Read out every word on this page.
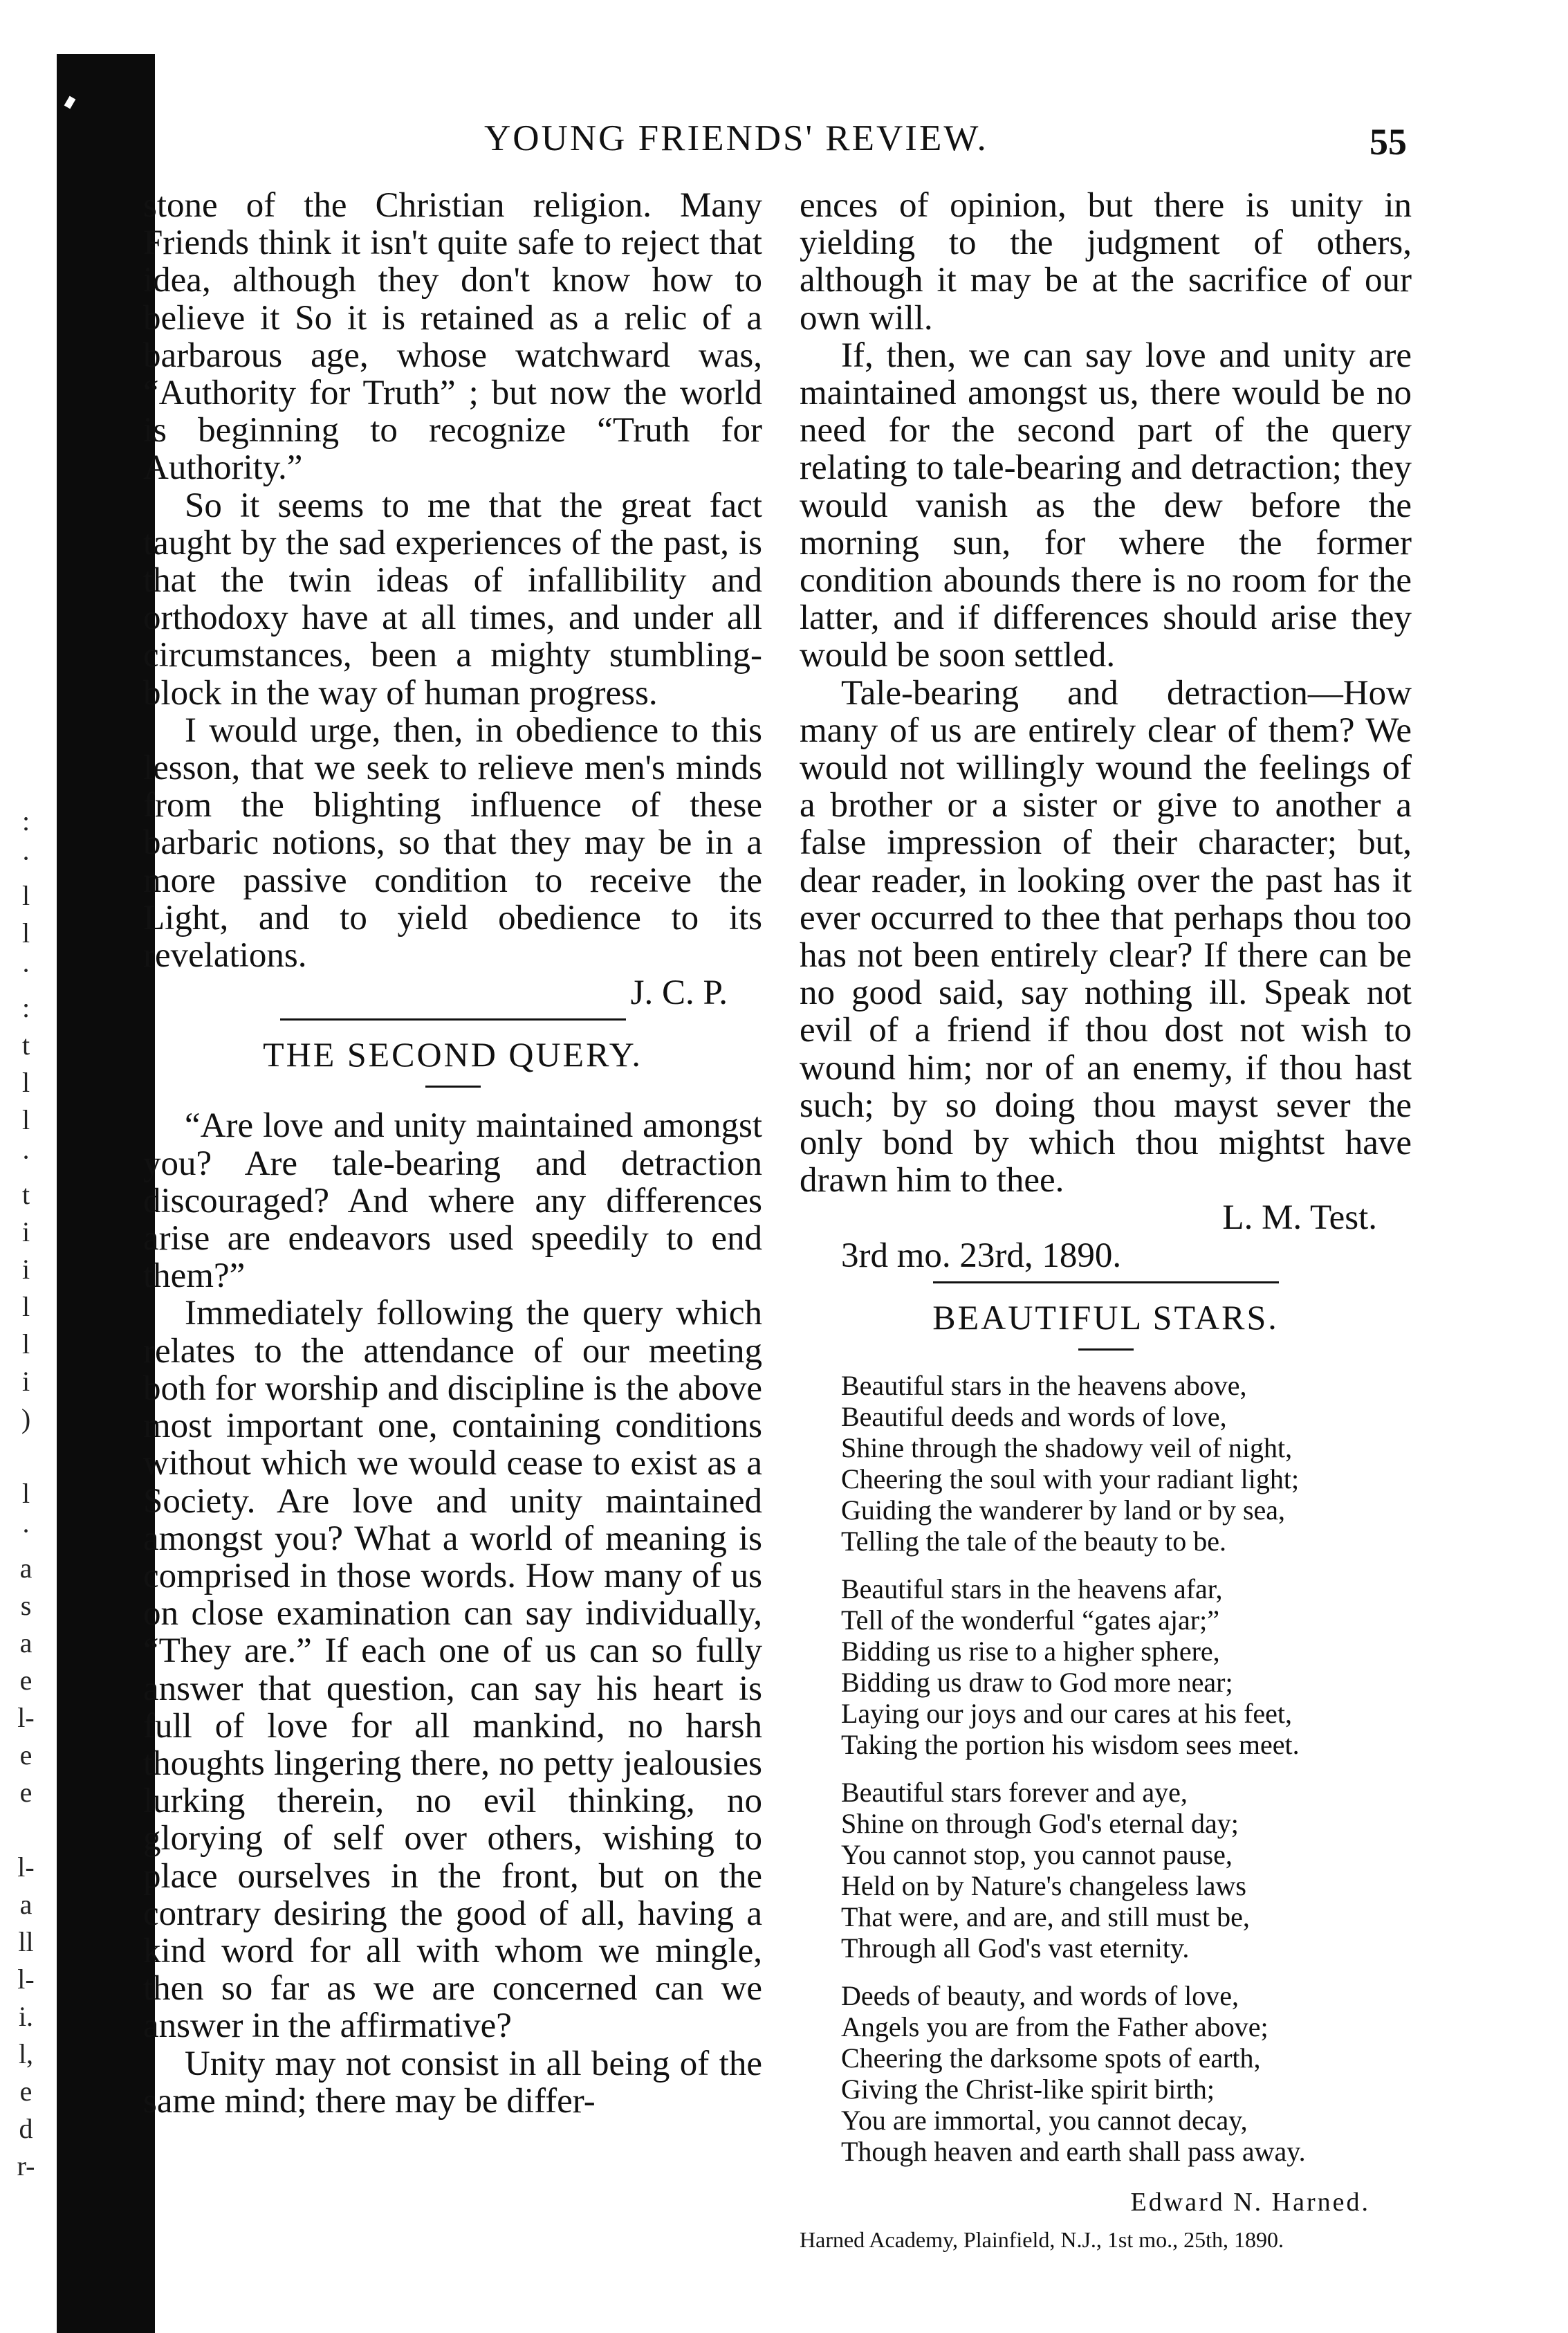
:
·
l
l
·
:
t
l
l
·
t
i
i
l
l
i
)
l
·
a
s
a
e
l-
e
e
l-
a
ll
l-
i.
l,
e
d
r-
YOUNG FRIENDS' REVIEW.	55

stone of the Christian religion. Many Friends think it isn't quite safe to reject that idea, although they don't know how to believe it So it is retained as a relic of a barbarous age, whose watchward was, “Authority for Truth” ; but now the world is beginning to recognize “Truth for Authority.”

So it seems to me that the great fact taught by the sad experiences of the past, is that the twin ideas of infallibility and orthodoxy have at all times, and under all circumstances, been a mighty stumbling-block in the way of human progress.

I would urge, then, in obedience to this lesson, that we seek to relieve men's minds from the blighting influence of these barbaric notions, so that they may be in a more passive condition to receive the Light, and to yield obedience to its revelations.

J. C. P.

THE SECOND QUERY.

“Are love and unity maintained amongst you? Are tale-bearing and detraction discouraged? And where any differences arise are endeavors used speedily to end them?”

Immediately following the query which relates to the attendance of our meeting both for worship and discipline is the above most important one, containing conditions without which we would cease to exist as a Society. Are love and unity maintained amongst you? What a world of meaning is comprised in those words. How many of us on close examination can say individually, “They are.” If each one of us can so fully answer that question, can say his heart is full of love for all mankind, no harsh thoughts lingering there, no petty jealousies lurking therein, no evil thinking, no glorying of self over others, wishing to place ourselves in the front, but on the contrary desiring the good of all, having a kind word for all with whom we mingle, then so far as we are concerned can we answer in the affirmative?

Unity may not consist in all being of the same mind; there may be differ-

ences of opinion, but there is unity in yielding to the judgment of others, although it may be at the sacrifice of our own will.

If, then, we can say love and unity are maintained amongst us, there would be no need for the second part of the query relating to tale-bearing and detraction; they would vanish as the dew before the morning sun, for where the former condition abounds there is no room for the latter, and if differences should arise they would be soon settled.

Tale-bearing and detraction—How many of us are entirely clear of them? We would not willingly wound the feelings of a brother or a sister or give to another a false impression of their character; but, dear reader, in looking over the past has it ever occurred to thee that perhaps thou too has not been entirely clear? If there can be no good said, say nothing ill. Speak not evil of a friend if thou dost not wish to wound him; nor of an enemy, if thou hast such; by so doing thou mayst sever the only bond by which thou mightst have drawn him to thee.

L. M. Test.

3rd mo. 23rd, 1890.

BEAUTIFUL STARS.

Beautiful stars in the heavens above,
Beautiful deeds and words of love,
Shine through the shadowy veil of night,
Cheering the soul with your radiant light;
Guiding the wanderer by land or by sea,
Telling the tale of the beauty to be.
Beautiful stars in the heavens afar,
Tell of the wonderful “gates ajar;”
Bidding us rise to a higher sphere,
Bidding us draw to God more near;
Laying our joys and our cares at his feet,
Taking the portion his wisdom sees meet.
Beautiful stars forever and aye,
Shine on through God's eternal day;
You cannot stop, you cannot pause,
Held on by Nature's changeless laws
That were, and are, and still must be,
Through all God's vast eternity.
Deeds of beauty, and words of love,
Angels you are from the Father above;
Cheering the darksome spots of earth,
Giving the Christ-like spirit birth;
You are immortal, you cannot decay,
Though heaven and earth shall pass away.

Edward N. Harned.

Harned Academy, Plainfield, N.J., 1st mo., 25th, 1890.
